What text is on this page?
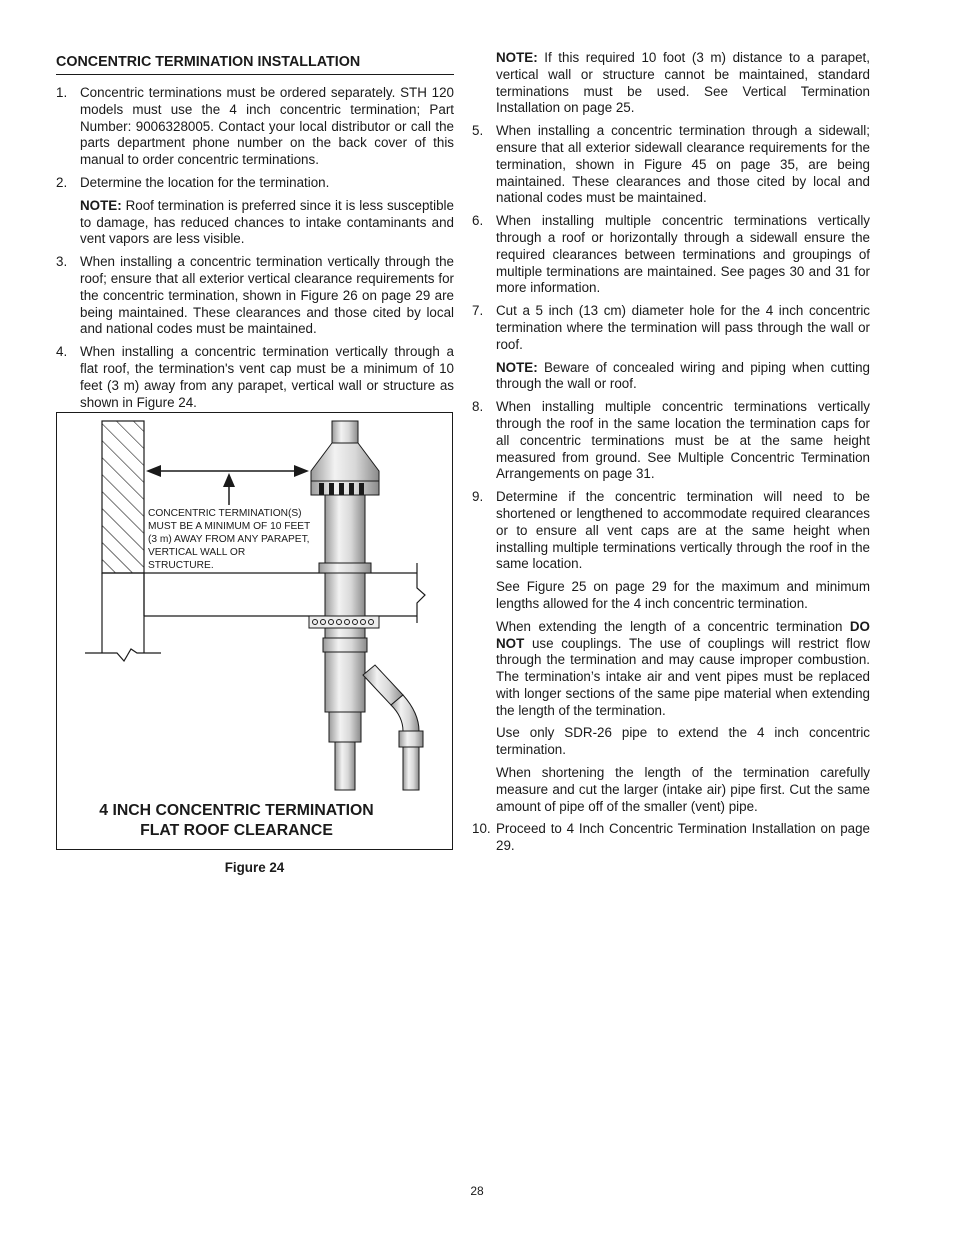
CONCENTRIC TERMINATION INSTALLATION
1. Concentric terminations must be ordered separately. STH 120 models must use the 4 inch concentric termination; Part Number: 9006328005. Contact your local distributor or call the parts department phone number on the back cover of this manual to order concentric terminations.
2. Determine the location for the termination.
NOTE: Roof termination is preferred since it is less susceptible to damage, has reduced chances to intake contaminants and vent vapors are less visible.
3. When installing a concentric termination vertically through the roof; ensure that all exterior vertical clearance requirements for the concentric termination, shown in Figure 26 on page 29 are being maintained. These clearances and those cited by local and national codes must be maintained.
4. When installing a concentric termination vertically through a flat roof, the termination's vent cap must be a minimum of 10 feet (3 m) away from any parapet, vertical wall or structure as shown in Figure 24.
CONCENTRIC TERMINATION(S)
MUST BE A MINIMUM OF 10 FEET
(3 m) AWAY FROM ANY PARAPET,
VERTICAL WALL OR
STRUCTURE.
4 INCH CONCENTRIC TERMINATION
FLAT ROOF CLEARANCE
Figure 24
NOTE: If this required 10 foot (3 m) distance to a parapet, vertical wall or structure cannot be maintained, standard terminations must be used. See Vertical Termination Installation on page 25.
5. When installing a concentric termination through a sidewall; ensure that all exterior sidewall clearance requirements for the termination, shown in Figure 45 on page 35, are being maintained. These clearances and those cited by local and national codes must be maintained.
6. When installing multiple concentric terminations vertically through a roof or horizontally through a sidewall ensure the required clearances between terminations and groupings of multiple terminations are maintained. See pages 30 and 31 for more information.
7. Cut a 5 inch (13 cm) diameter hole for the 4 inch concentric termination where the termination will pass through the wall or roof.
NOTE: Beware of concealed wiring and piping when cutting through the wall or roof.
8. When installing multiple concentric terminations vertically through the roof in the same location the termination caps for all concentric terminations must be at the same height measured from ground. See Multiple Concentric Termination Arrangements on page 31.
9. Determine if the concentric termination will need to be shortened or lengthened to accommodate required clearances or to ensure all vent caps are at the same height when installing multiple terminations vertically through the roof in the same location.
See Figure 25 on page 29 for the maximum and minimum lengths allowed for the 4 inch concentric termination.
When extending the length of a concentric termination DO NOT use couplings. The use of couplings will restrict flow through the termination and may cause improper combustion. The termination’s intake air and vent pipes must be replaced with longer sections of the same pipe material when extending the length of the termination.
Use only SDR-26 pipe to extend the 4 inch concentric termination.
When shortening the length of the termination carefully measure and cut the larger (intake air) pipe first. Cut the same amount of pipe off of the smaller (vent) pipe.
10. Proceed to 4 Inch Concentric Termination Installation on page 29.
28
